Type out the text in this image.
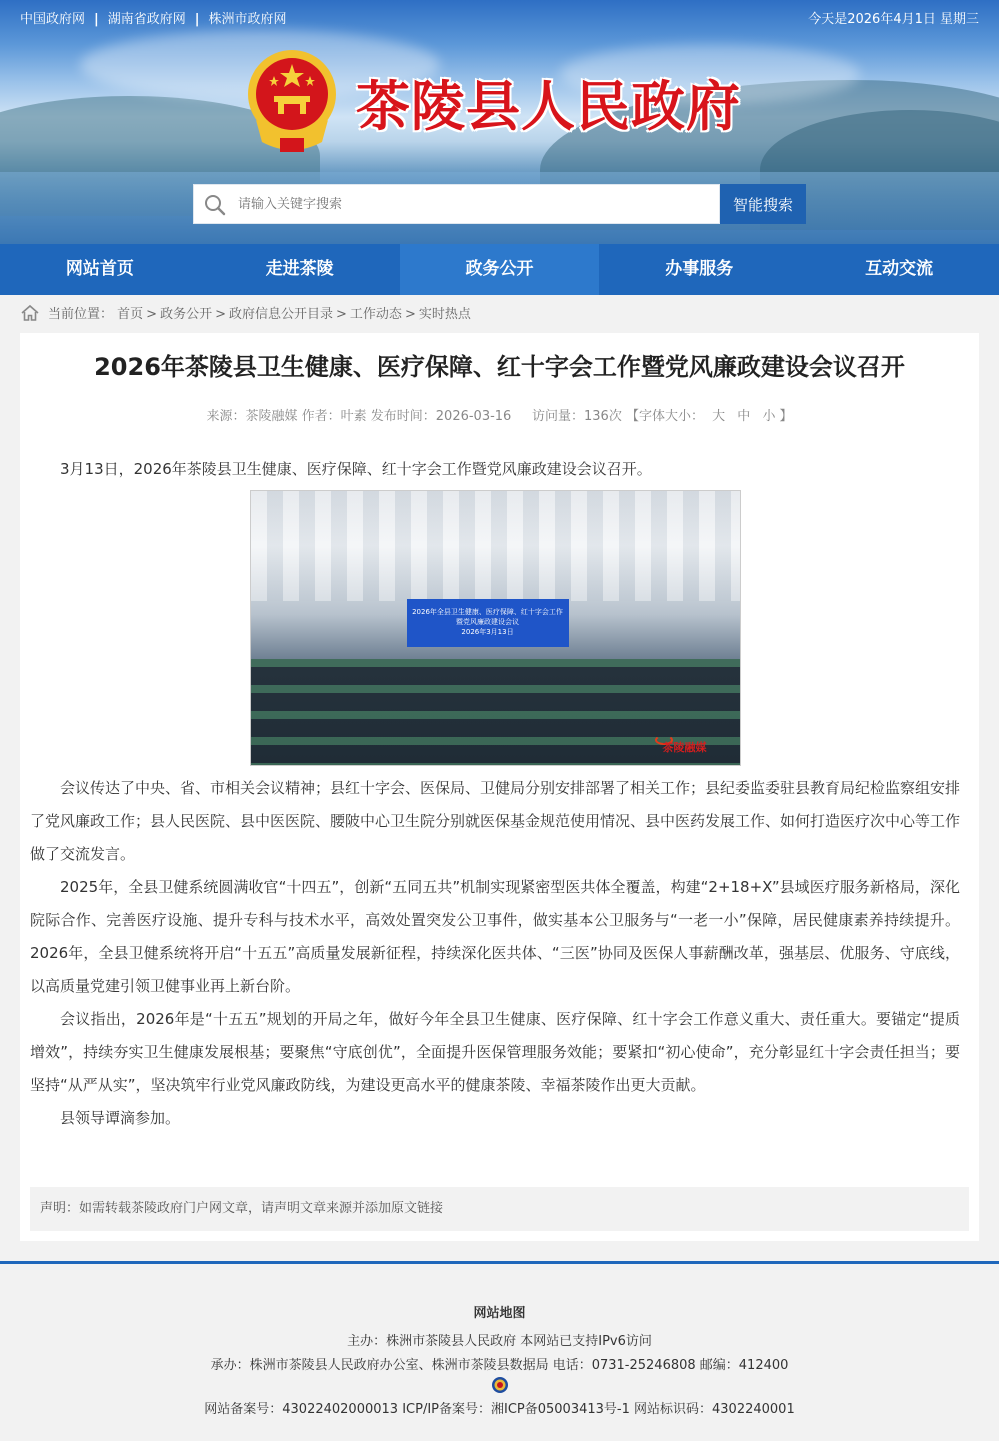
中国政府网 | 湖南省政府网 | 株洲市政府网	今天是2026年4月1日 星期三
茶陵县人民政府
请输入关键字搜索
智能搜索
网站首页	走进茶陵	政务公开	办事服务	互动交流
当前位置： 首页 > 政务公开 > 政府信息公开目录 > 工作动态 > 实时热点
2026年茶陵县卫生健康、医疗保障、红十字会工作暨党风廉政建设会议召开
来源：茶陵融媒 作者：叶素 发布时间：2026-03-16 访问量：136次 【字体大小： 大 中 小 】

3月13日，2026年茶陵县卫生健康、医疗保障、红十字会工作暨党风廉政建设会议召开。

2026年全县卫生健康、医疗保障、红十字会工作
暨党风廉政建设会议
2026年3月13日
茶陵融媒

会议传达了中央、省、市相关会议精神；县红十字会、医保局、卫健局分别安排部署了相关工作；县纪委监委驻县教育局纪检监察组安排了党风廉政工作；县人民医院、县中医医院、腰陂中心卫生院分别就医保基金规范使用情况、县中医药发展工作、如何打造医疗次中心等工作做了交流发言。

2025年，全县卫健系统圆满收官“十四五”，创新“五同五共”机制实现紧密型医共体全覆盖，构建“2+18+X”县域医疗服务新格局，深化院际合作、完善医疗设施、提升专科与技术水平，高效处置突发公卫事件，做实基本公卫服务与“一老一小”保障，居民健康素养持续提升。2026年，全县卫健系统将开启“十五五”高质量发展新征程，持续深化医共体、“三医”协同及医保人事薪酬改革，强基层、优服务、守底线，以高质量党建引领卫健事业再上新台阶。

会议指出，2026年是“十五五”规划的开局之年，做好今年全县卫生健康、医疗保障、红十字会工作意义重大、责任重大。要锚定“提质增效”，持续夯实卫生健康发展根基；要聚焦“守底创优”，全面提升医保管理服务效能；要紧扣“初心使命”，充分彰显红十字会责任担当；要坚持“从严从实”，坚决筑牢行业党风廉政防线，为建设更高水平的健康茶陵、幸福茶陵作出更大贡献。

县领导谭滴参加。

声明：如需转载茶陵政府门户网文章，请声明文章来源并添加原文链接
网站地图
主办：株洲市茶陵县人民政府 本网站已支持IPv6访问
承办：株洲市茶陵县人民政府办公室、株洲市茶陵县数据局 电话：0731-25246808 邮编：412400
网站备案号：43022402000013 ICP/IP备案号：湘ICP备05003413号-1 网站标识码：4302240001
